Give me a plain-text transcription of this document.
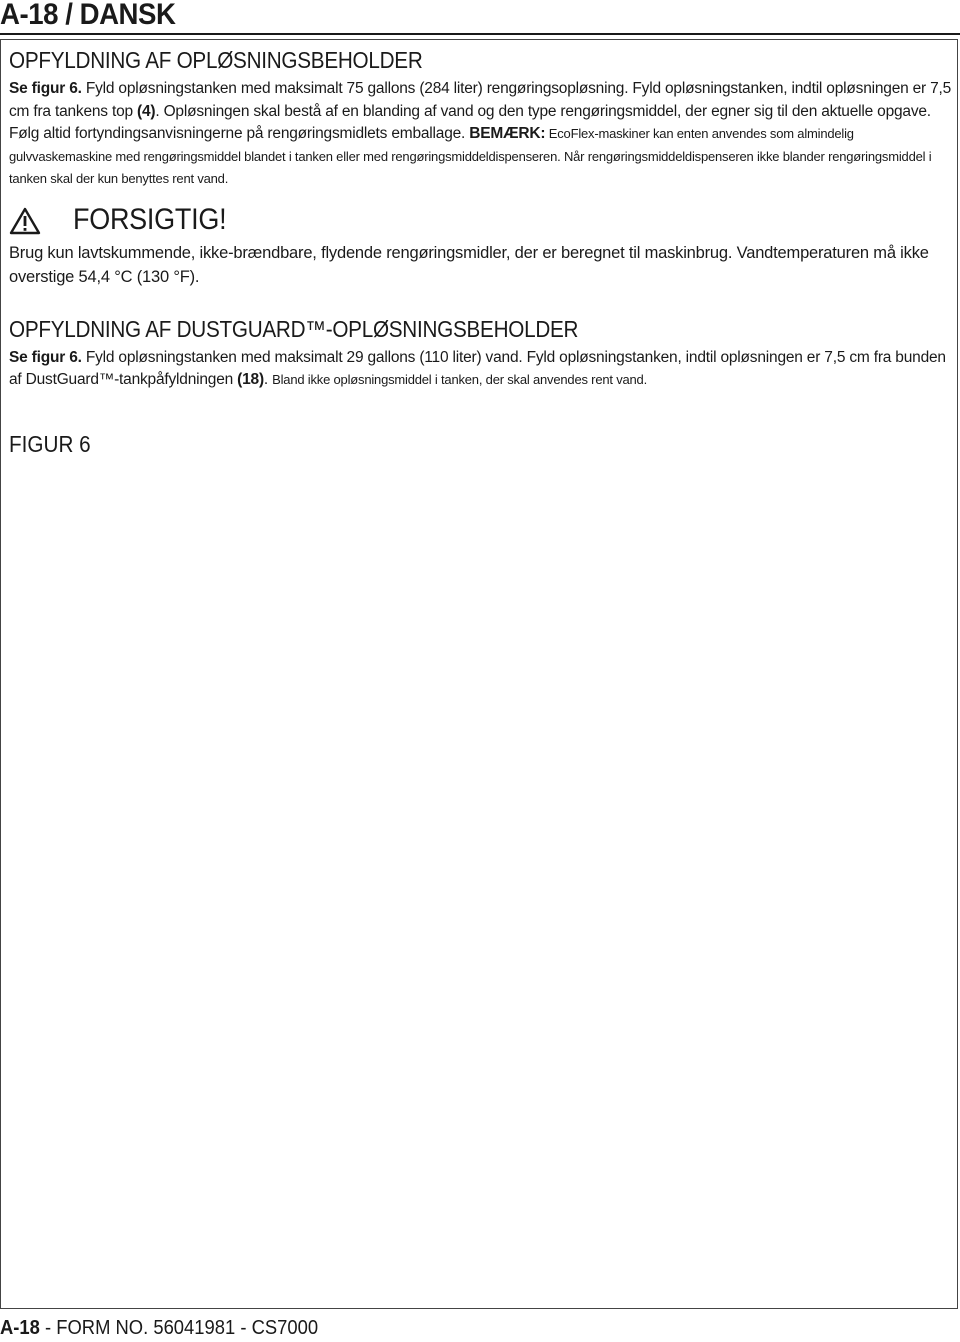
A-18 / DANSK
OPFYLDNING AF OPLØSNINGSBEHOLDER

Se figur 6. Fyld opløsningstanken med maksimalt 75 gallons (284 liter) rengøringsopløsning. Fyld opløsningstanken, indtil opløsningen er 7,5 cm fra tankens top (4). Opløsningen skal bestå af en blanding af vand og den type rengøringsmiddel, der egner sig til den aktuelle opgave. Følg altid fortyndingsanvisningerne på rengøringsmidlets emballage. BEMÆRK: EcoFlex-maskiner kan enten anvendes som almindelig gulvvaskemaskine med rengøringsmiddel blandet i tanken eller med rengøringsmiddeldispenseren. Når rengøringsmiddeldispenseren ikke blander rengøringsmiddel i tanken skal der kun benyttes rent vand.

FORSIGTIG!

Brug kun lavtskummende, ikke-brændbare, flydende rengøringsmidler, der er beregnet til maskinbrug. Vandtemperaturen må ikke overstige 54,4 °C (130 °F).

OPFYLDNING AF DUSTGUARD™-OPLØSNINGSBEHOLDER

Se figur 6. Fyld opløsningstanken med maksimalt 29 gallons (110 liter) vand. Fyld opløsningstanken, indtil opløsningen er 7,5 cm fra bunden af DustGuard™-tankpåfyldningen (18). Bland ikke opløsningsmiddel i tanken, der skal anvendes rent vand.

FIGUR 6
A-18 - FORM NO. 56041981 - CS7000
